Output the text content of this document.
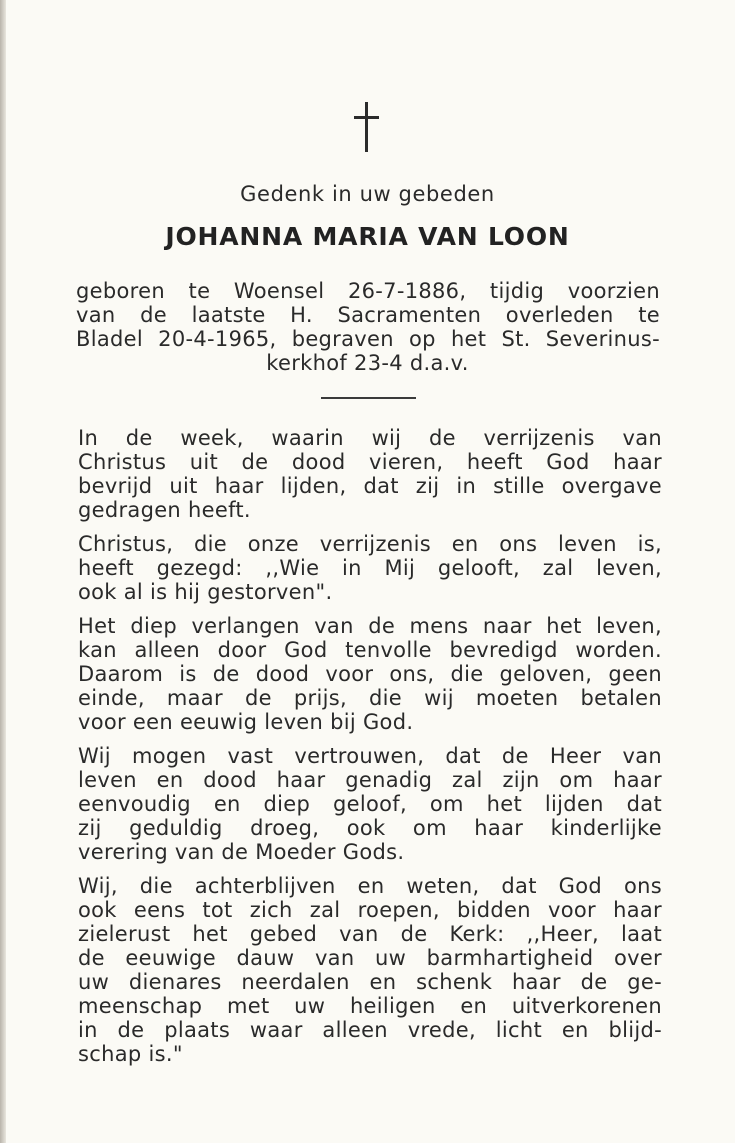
Gedenk in uw gebeden
JOHANNA MARIA VAN LOON
geboren te Woensel 26-7-1886, tijdig voorzien
van de laatste H. Sacramenten overleden te
Bladel 20-4-1965, begraven op het St. Severinus-
kerkhof 23-4 d.a.v.

In de week, waarin wij de verrijzenis van
Christus uit de dood vieren, heeft God haar
bevrijd uit haar lijden, dat zij in stille overgave
gedragen heeft.

Christus, die onze verrijzenis en ons leven is,
heeft gezegd: ,,Wie in Mij gelooft, zal leven,
ook al is hij gestorven".

Het diep verlangen van de mens naar het leven,
kan alleen door God tenvolle bevredigd worden.
Daarom is de dood voor ons, die geloven, geen
einde, maar de prijs, die wij moeten betalen
voor een eeuwig leven bij God.

Wij mogen vast vertrouwen, dat de Heer van
leven en dood haar genadig zal zijn om haar
eenvoudig en diep geloof, om het lijden dat
zij geduldig droeg, ook om haar kinderlijke
verering van de Moeder Gods.

Wij, die achterblijven en weten, dat God ons
ook eens tot zich zal roepen, bidden voor haar
zielerust het gebed van de Kerk: ,,Heer, laat
de eeuwige dauw van uw barmhartigheid over
uw dienares neerdalen en schenk haar de ge-
meenschap met uw heiligen en uitverkorenen
in de plaats waar alleen vrede, licht en blijd-
schap is."
